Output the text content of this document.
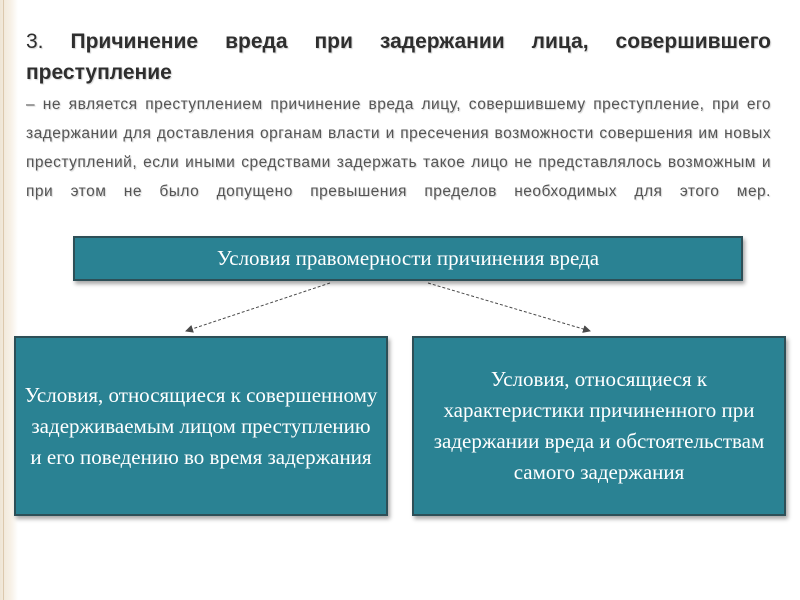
3. Причинение вреда при задержании лица, совершившего преступление
– не является преступлением причинение вреда лицу, совершившему преступление, при его задержании для доставления органам власти и пресечения возможности совершения им новых преступлений, если иными средствами задержать такое лицо не представлялось возможным и при этом не было допущено превышения пределов необходимых для этого мер.
Условия правомерности причинения вреда
Условия, относящиеся к совершенному задерживаемым лицом преступлению и его поведению во время задержания
Условия, относящиеся к характеристики причиненного при задержании вреда и обстоятельствам самого задержания
